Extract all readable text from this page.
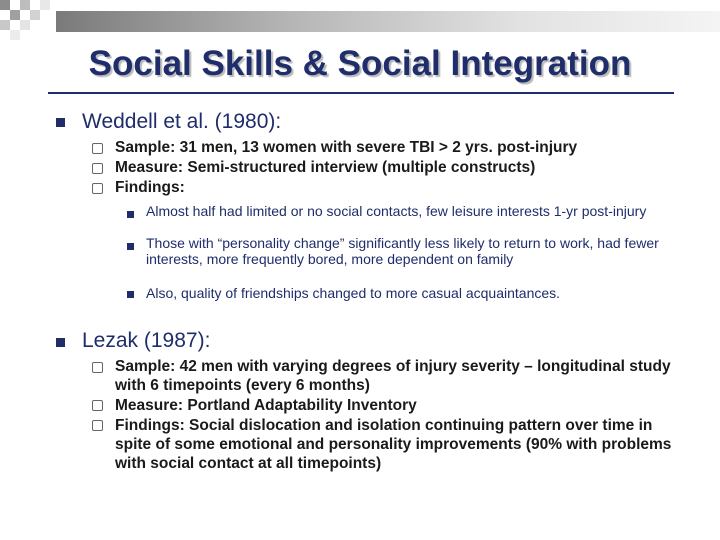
Social Skills & Social Integration
Weddell et al. (1980):
Sample: 31 men, 13 women with severe TBI > 2 yrs. post-injury
Measure: Semi-structured interview (multiple constructs)
Findings:
Almost half had limited or no social contacts, few leisure interests 1-yr post-injury
Those with “personality change” significantly less likely to return to work, had fewer interests, more frequently bored, more dependent on family
Also, quality of friendships changed to more casual acquaintances.
Lezak (1987):
Sample: 42 men with varying degrees of injury severity – longitudinal study with 6 timepoints (every 6 months)
Measure: Portland Adaptability Inventory
Findings: Social dislocation and isolation continuing pattern over time in spite of some emotional and personality improvements (90% with problems with social contact at all timepoints)
